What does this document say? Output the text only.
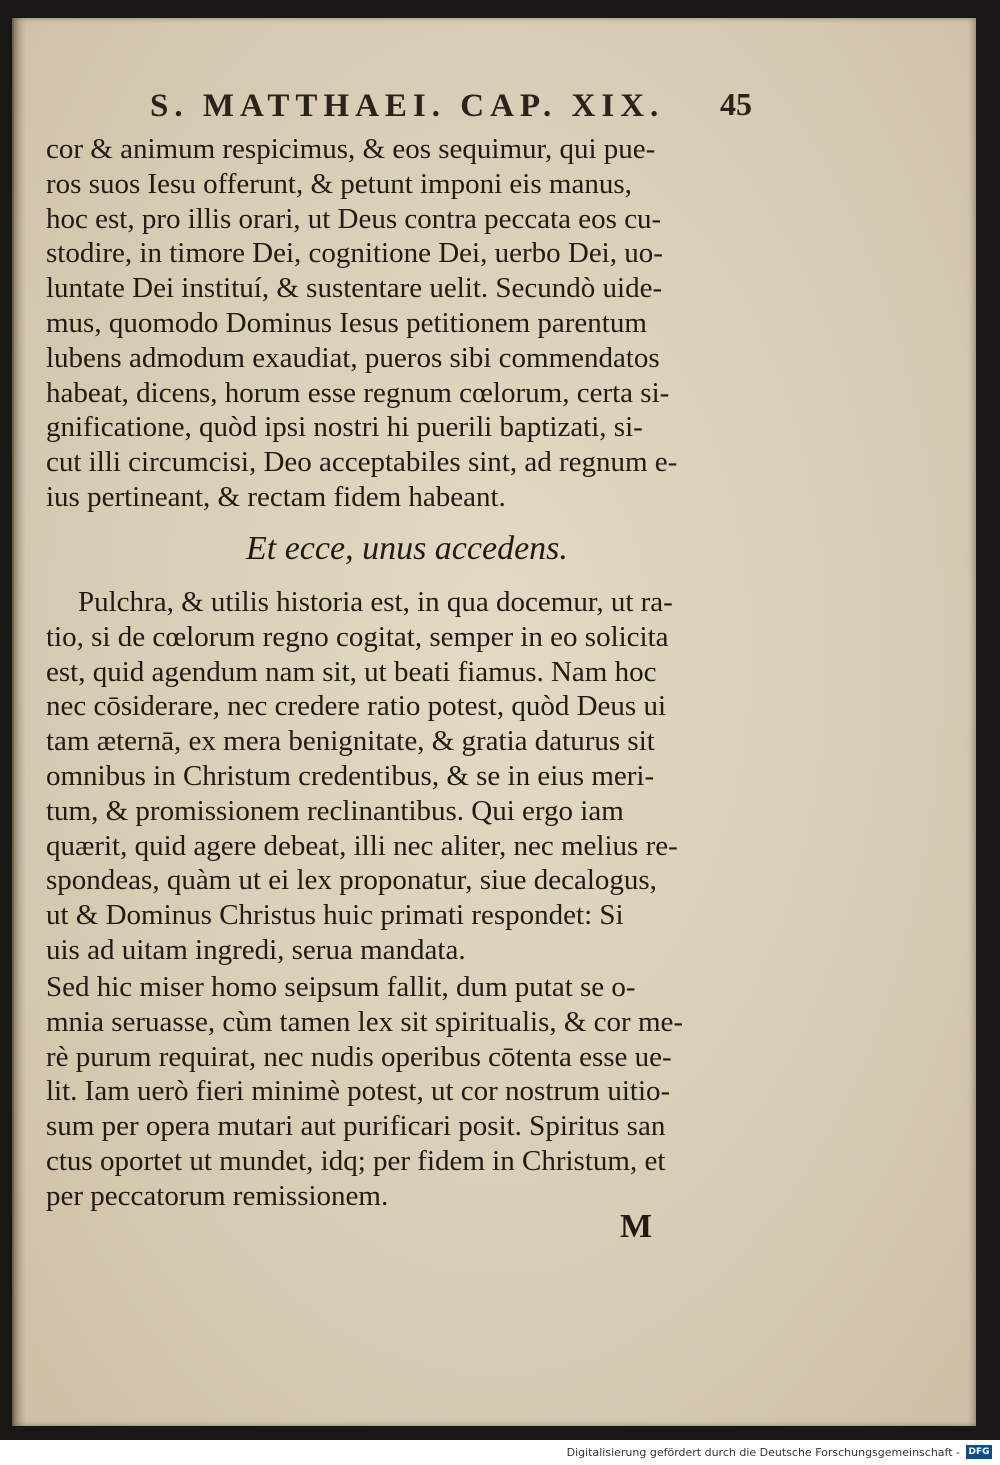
S. MATTHAEI. CAP. XIX.	45
cor & animum respicimus, & eos sequimur, qui pue-
ros suos Iesu offerunt, & petunt imponi eis manus,
hoc est, pro illis orari, ut Deus contra peccata eos cu-
stodire, in timore Dei, cognitione Dei, uerbo Dei, uo-
luntate Dei instituí, & sustentare uelit. Secundò uide-
mus, quomodo Dominus Iesus petitionem parentum
lubens admodum exaudiat, pueros sibi commendatos
habeat, dicens, horum esse regnum cœlorum, certa si-
gnificatione, quòd ipsi nostri hi puerili baptizati, si-
cut illi circumcisi, Deo acceptabiles sint, ad regnum e-
ius pertineant, & rectam fidem habeant.
Et ecce, unus accedens.
Pulchra, & utilis historia est, in qua docemur, ut ra-
tio, si de cœlorum regno cogitat, semper in eo solicita
est, quid agendum nam sit, ut beati fiamus. Nam hoc
nec cōsiderare, nec credere ratio potest, quòd Deus ui
tam æternā, ex mera benignitate, & gratia daturus sit
omnibus in Christum credentibus, & se in eius meri-
tum, & promissionem reclinantibus. Qui ergo iam
quærit, quid agere debeat, illi nec aliter, nec melius re-
spondeas, quàm ut ei lex proponatur, siue decalogus,
ut & Dominus Christus huic primati respondet: Si
uis ad uitam ingredi, serua mandata.
Sed hic miser homo seipsum fallit, dum putat se o-
mnia seruasse, cùm tamen lex sit spiritualis, & cor me-
rè purum requirat, nec nudis operibus cōtenta esse ue-
lit. Iam uerò fieri minimè potest, ut cor nostrum uitio-
sum per opera mutari aut purificari posit. Spiritus san
ctus oportet ut mundet, idq; per fidem in Christum, et
per peccatorum remissionem.
M
Digitalisierung gefördert durch die Deutsche Forschungsgemeinschaft - DFG
